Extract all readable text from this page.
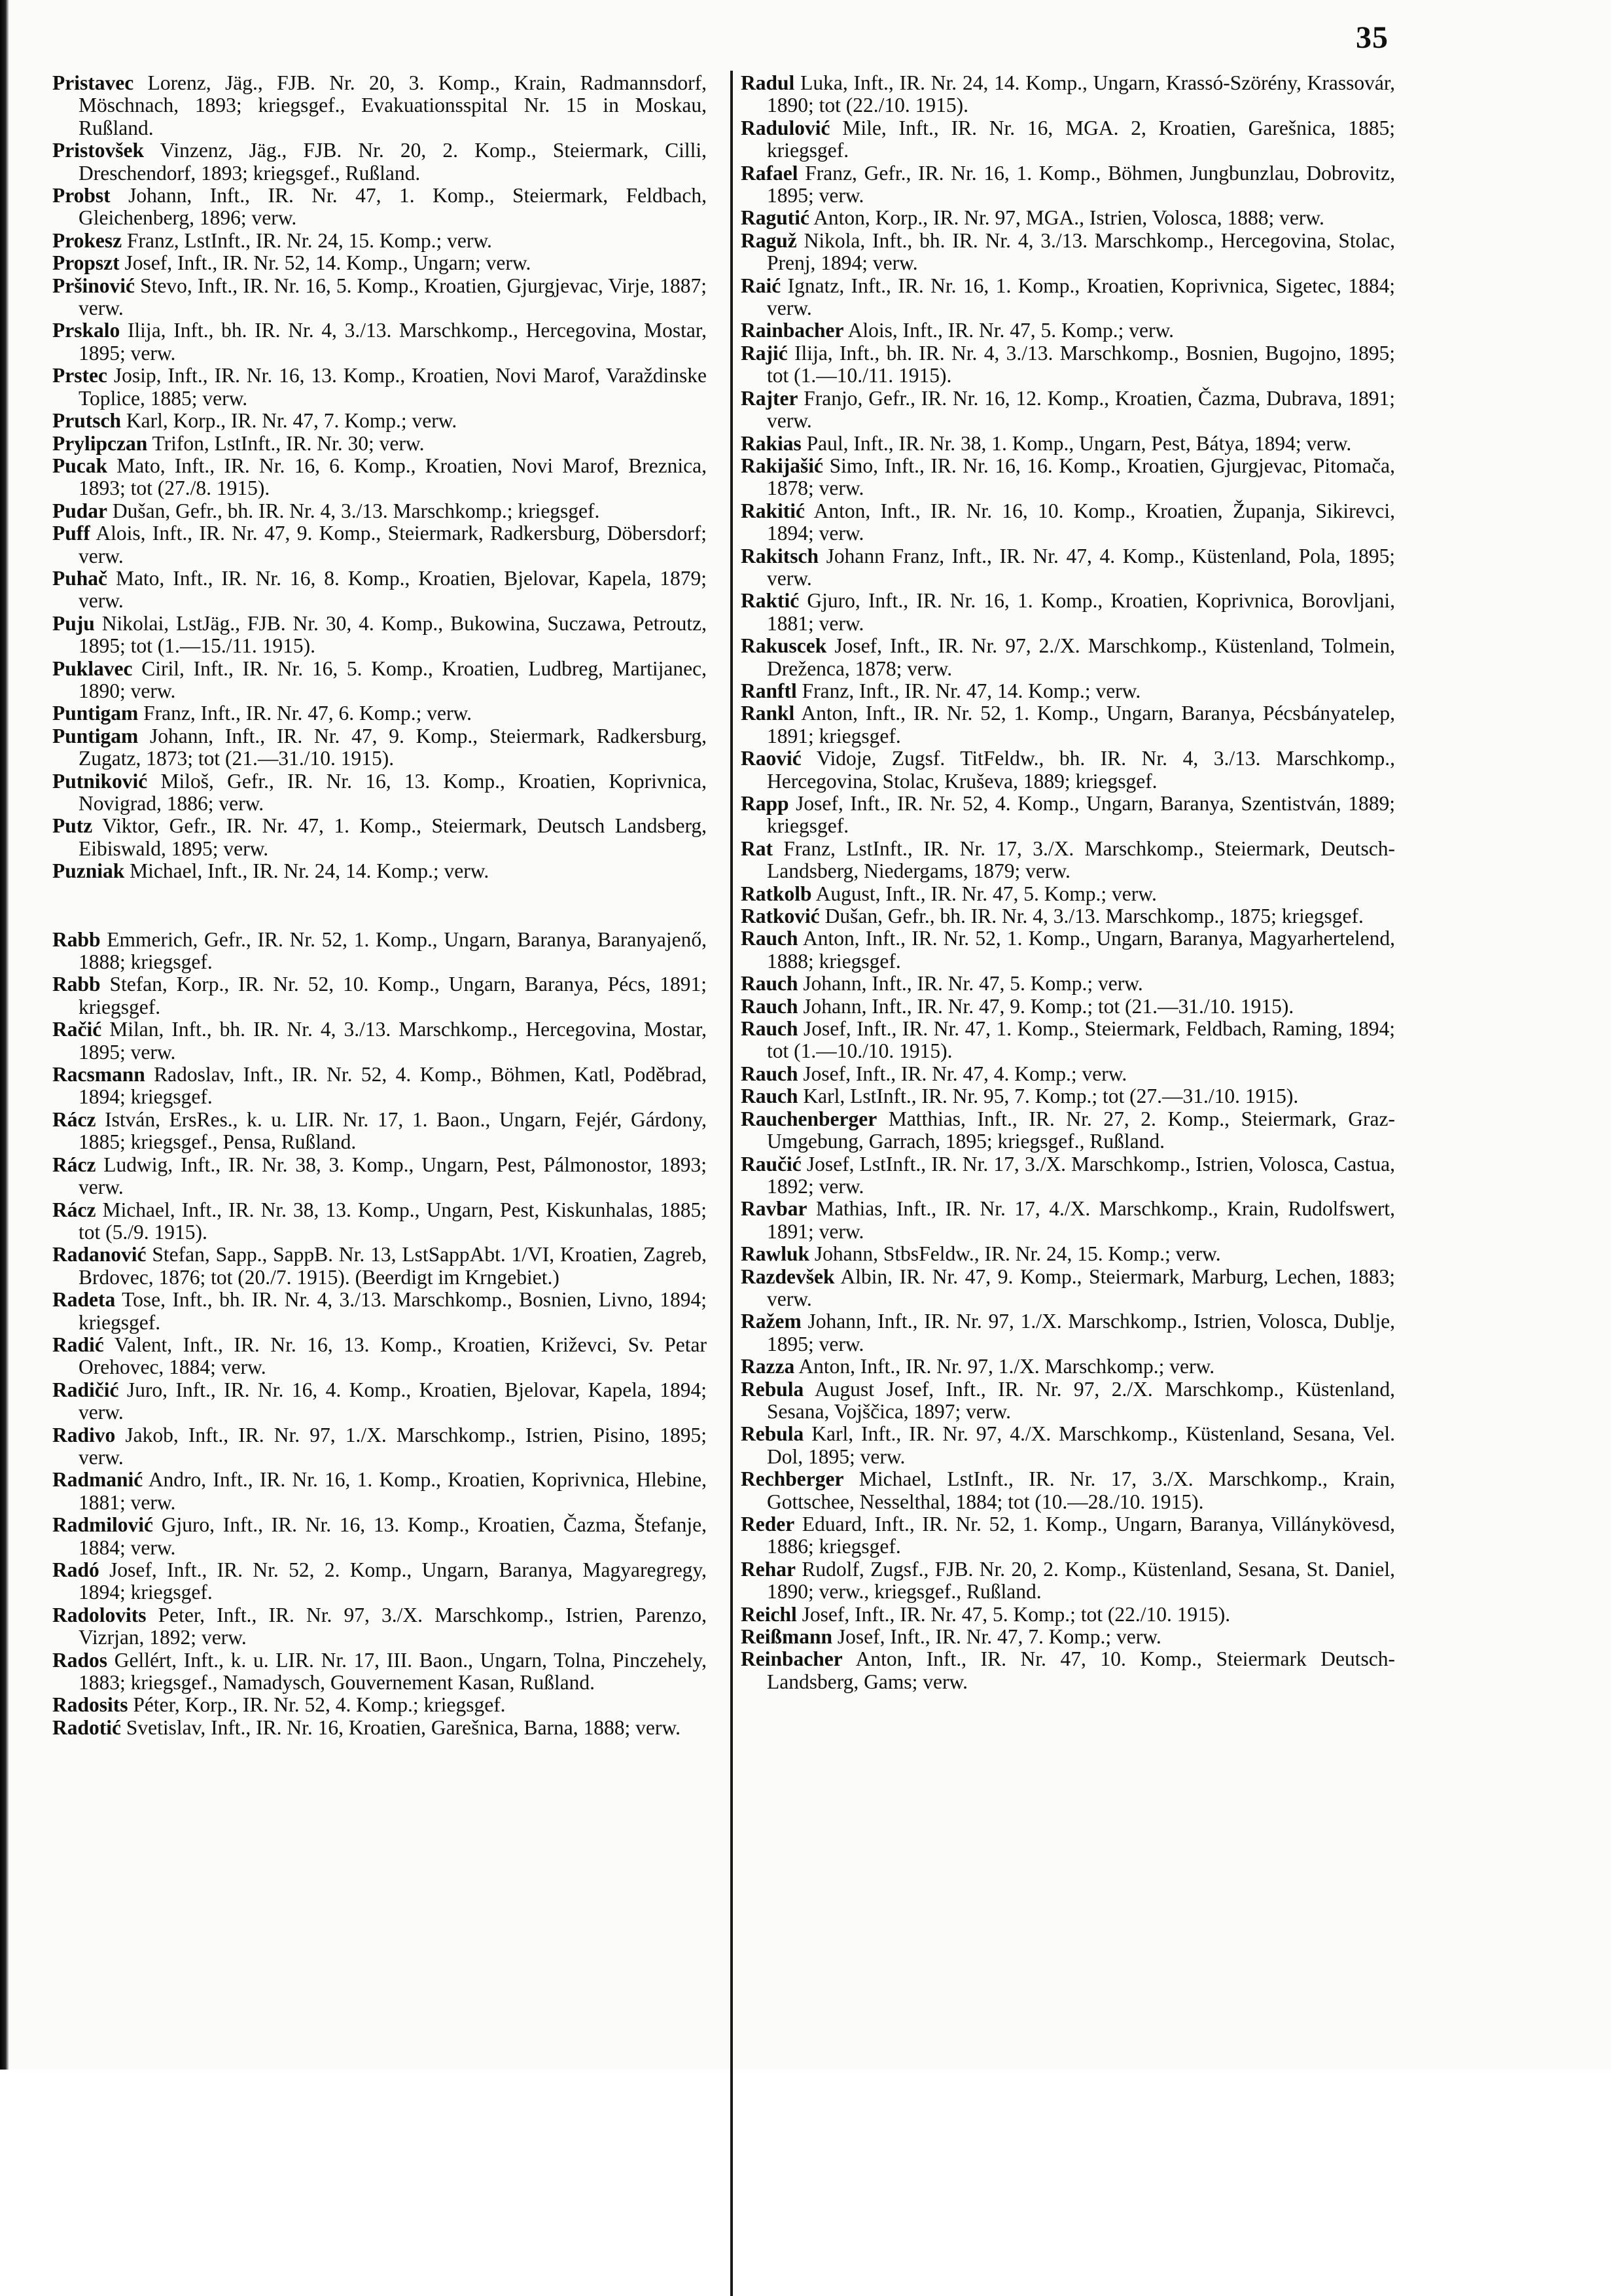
35

Pristavec Lorenz, Jäg., FJB. Nr. 20, 3. Komp., Krain, Radmannsdorf, Möschnach, 1893; kriegsgef., Evakuationsspital Nr. 15 in Moskau, Rußland.

Pristovšek Vinzenz, Jäg., FJB. Nr. 20, 2. Komp., Steiermark, Cilli, Dreschendorf, 1893; kriegsgef., Rußland.

Probst Johann, Inft., IR. Nr. 47, 1. Komp., Steiermark, Feldbach, Gleichenberg, 1896; verw.

Prokesz Franz, LstInft., IR. Nr. 24, 15. Komp.; verw.

Propszt Josef, Inft., IR. Nr. 52, 14. Komp., Ungarn; verw.

Pršinović Stevo, Inft., IR. Nr. 16, 5. Komp., Kroatien, Gjurgjevac, Virje, 1887; verw.

Prskalo Ilija, Inft., bh. IR. Nr. 4, 3./13. Marschkomp., Hercegovina, Mostar, 1895; verw.

Prstec Josip, Inft., IR. Nr. 16, 13. Komp., Kroatien, Novi Marof, Varaždinske Toplice, 1885; verw.

Prutsch Karl, Korp., IR. Nr. 47, 7. Komp.; verw.

Prylipczan Trifon, LstInft., IR. Nr. 30; verw.

Pucak Mato, Inft., IR. Nr. 16, 6. Komp., Kroatien, Novi Marof, Breznica, 1893; tot (27./8. 1915).

Pudar Dušan, Gefr., bh. IR. Nr. 4, 3./13. Marschkomp.; kriegsgef.

Puff Alois, Inft., IR. Nr. 47, 9. Komp., Steiermark, Radkersburg, Döbersdorf; verw.

Puhač Mato, Inft., IR. Nr. 16, 8. Komp., Kroatien, Bjelovar, Kapela, 1879; verw.

Puju Nikolai, LstJäg., FJB. Nr. 30, 4. Komp., Bukowina, Suczawa, Petroutz, 1895; tot (1.—15./11. 1915).

Puklavec Ciril, Inft., IR. Nr. 16, 5. Komp., Kroatien, Ludbreg, Martijanec, 1890; verw.

Puntigam Franz, Inft., IR. Nr. 47, 6. Komp.; verw.

Puntigam Johann, Inft., IR. Nr. 47, 9. Komp., Steiermark, Radkersburg, Zugatz, 1873; tot (21.—31./10. 1915).

Putniković Miloš, Gefr., IR. Nr. 16, 13. Komp., Kroatien, Koprivnica, Novigrad, 1886; verw.

Putz Viktor, Gefr., IR. Nr. 47, 1. Komp., Steiermark, Deutsch Landsberg, Eibiswald, 1895; verw.

Puzniak Michael, Inft., IR. Nr. 24, 14. Komp.; verw.

Rabb Emmerich, Gefr., IR. Nr. 52, 1. Komp., Ungarn, Baranya, Baranyajenő, 1888; kriegsgef.

Rabb Stefan, Korp., IR. Nr. 52, 10. Komp., Ungarn, Baranya, Pécs, 1891; kriegsgef.

Račić Milan, Inft., bh. IR. Nr. 4, 3./13. Marschkomp., Hercegovina, Mostar, 1895; verw.

Racsmann Radoslav, Inft., IR. Nr. 52, 4. Komp., Böhmen, Katl, Poděbrad, 1894; kriegsgef.

Rácz István, ErsRes., k. u. LIR. Nr. 17, 1. Baon., Ungarn, Fejér, Gárdony, 1885; kriegsgef., Pensa, Rußland.

Rácz Ludwig, Inft., IR. Nr. 38, 3. Komp., Ungarn, Pest, Pálmonostor, 1893; verw.

Rácz Michael, Inft., IR. Nr. 38, 13. Komp., Ungarn, Pest, Kiskunhalas, 1885; tot (5./9. 1915).

Radanović Stefan, Sapp., SappB. Nr. 13, LstSappAbt. 1/VI, Kroatien, Zagreb, Brdovec, 1876; tot (20./7. 1915). (Beerdigt im Krngebiet.)

Radeta Tose, Inft., bh. IR. Nr. 4, 3./13. Marschkomp., Bosnien, Livno, 1894; kriegsgef.

Radić Valent, Inft., IR. Nr. 16, 13. Komp., Kroatien, Križevci, Sv. Petar Orehovec, 1884; verw.

Radičić Juro, Inft., IR. Nr. 16, 4. Komp., Kroatien, Bjelovar, Kapela, 1894; verw.

Radivo Jakob, Inft., IR. Nr. 97, 1./X. Marschkomp., Istrien, Pisino, 1895; verw.

Radmanić Andro, Inft., IR. Nr. 16, 1. Komp., Kroatien, Koprivnica, Hlebine, 1881; verw.

Radmilović Gjuro, Inft., IR. Nr. 16, 13. Komp., Kroatien, Čazma, Štefanje, 1884; verw.

Radó Josef, Inft., IR. Nr. 52, 2. Komp., Ungarn, Baranya, Magyaregregy, 1894; kriegsgef.

Radolovits Peter, Inft., IR. Nr. 97, 3./X. Marschkomp., Istrien, Parenzo, Vizrjan, 1892; verw.

Rados Gellért, Inft., k. u. LIR. Nr. 17, III. Baon., Ungarn, Tolna, Pinczehely, 1883; kriegsgef., Namadysch, Gouvernement Kasan, Rußland.

Radosits Péter, Korp., IR. Nr. 52, 4. Komp.; kriegsgef.

Radotić Svetislav, Inft., IR. Nr. 16, Kroatien, Garešnica, Barna, 1888; verw.

Radul Luka, Inft., IR. Nr. 24, 14. Komp., Ungarn, Krassó-Szörény, Krassovár, 1890; tot (22./10. 1915).

Radulović Mile, Inft., IR. Nr. 16, MGA. 2, Kroatien, Garešnica, 1885; kriegsgef.

Rafael Franz, Gefr., IR. Nr. 16, 1. Komp., Böhmen, Jungbunzlau, Dobrovitz, 1895; verw.

Ragutić Anton, Korp., IR. Nr. 97, MGA., Istrien, Volosca, 1888; verw.

Raguž Nikola, Inft., bh. IR. Nr. 4, 3./13. Marschkomp., Hercegovina, Stolac, Prenj, 1894; verw.

Raić Ignatz, Inft., IR. Nr. 16, 1. Komp., Kroatien, Koprivnica, Sigetec, 1884; verw.

Rainbacher Alois, Inft., IR. Nr. 47, 5. Komp.; verw.

Rajić Ilija, Inft., bh. IR. Nr. 4, 3./13. Marschkomp., Bosnien, Bugojno, 1895; tot (1.—10./11. 1915).

Rajter Franjo, Gefr., IR. Nr. 16, 12. Komp., Kroatien, Čazma, Dubrava, 1891; verw.

Rakias Paul, Inft., IR. Nr. 38, 1. Komp., Ungarn, Pest, Bátya, 1894; verw.

Rakijašić Simo, Inft., IR. Nr. 16, 16. Komp., Kroatien, Gjurgjevac, Pitomača, 1878; verw.

Rakitić Anton, Inft., IR. Nr. 16, 10. Komp., Kroatien, Županja, Sikirevci, 1894; verw.

Rakitsch Johann Franz, Inft., IR. Nr. 47, 4. Komp., Küstenland, Pola, 1895; verw.

Raktić Gjuro, Inft., IR. Nr. 16, 1. Komp., Kroatien, Koprivnica, Borovljani, 1881; verw.

Rakuscek Josef, Inft., IR. Nr. 97, 2./X. Marschkomp., Küstenland, Tolmein, Dreženca, 1878; verw.

Ranftl Franz, Inft., IR. Nr. 47, 14. Komp.; verw.

Rankl Anton, Inft., IR. Nr. 52, 1. Komp., Ungarn, Baranya, Pécsbányatelep, 1891; kriegsgef.

Raović Vidoje, Zugsf. TitFeldw., bh. IR. Nr. 4, 3./13. Marschkomp., Hercegovina, Stolac, Kruševa, 1889; kriegsgef.

Rapp Josef, Inft., IR. Nr. 52, 4. Komp., Ungarn, Baranya, Szentistván, 1889; kriegsgef.

Rat Franz, LstInft., IR. Nr. 17, 3./X. Marschkomp., Steiermark, Deutsch-Landsberg, Niedergams, 1879; verw.

Ratkolb August, Inft., IR. Nr. 47, 5. Komp.; verw.

Ratković Dušan, Gefr., bh. IR. Nr. 4, 3./13. Marschkomp., 1875; kriegsgef.

Rauch Anton, Inft., IR. Nr. 52, 1. Komp., Ungarn, Baranya, Magyarhertelend, 1888; kriegsgef.

Rauch Johann, Inft., IR. Nr. 47, 5. Komp.; verw.

Rauch Johann, Inft., IR. Nr. 47, 9. Komp.; tot (21.—31./10. 1915).

Rauch Josef, Inft., IR. Nr. 47, 1. Komp., Steiermark, Feldbach, Raming, 1894; tot (1.—10./10. 1915).

Rauch Josef, Inft., IR. Nr. 47, 4. Komp.; verw.

Rauch Karl, LstInft., IR. Nr. 95, 7. Komp.; tot (27.—31./10. 1915).

Rauchenberger Matthias, Inft., IR. Nr. 27, 2. Komp., Steiermark, Graz-Umgebung, Garrach, 1895; kriegsgef., Rußland.

Raučić Josef, LstInft., IR. Nr. 17, 3./X. Marschkomp., Istrien, Volosca, Castua, 1892; verw.

Ravbar Mathias, Inft., IR. Nr. 17, 4./X. Marschkomp., Krain, Rudolfswert, 1891; verw.

Rawluk Johann, StbsFeldw., IR. Nr. 24, 15. Komp.; verw.

Razdevšek Albin, IR. Nr. 47, 9. Komp., Steiermark, Marburg, Lechen, 1883; verw.

Ražem Johann, Inft., IR. Nr. 97, 1./X. Marschkomp., Istrien, Volosca, Dublje, 1895; verw.

Razza Anton, Inft., IR. Nr. 97, 1./X. Marschkomp.; verw.

Rebula August Josef, Inft., IR. Nr. 97, 2./X. Marschkomp., Küstenland, Sesana, Vojščica, 1897; verw.

Rebula Karl, Inft., IR. Nr. 97, 4./X. Marschkomp., Küstenland, Sesana, Vel. Dol, 1895; verw.

Rechberger Michael, LstInft., IR. Nr. 17, 3./X. Marschkomp., Krain, Gottschee, Nesselthal, 1884; tot (10.—28./10. 1915).

Reder Eduard, Inft., IR. Nr. 52, 1. Komp., Ungarn, Baranya, Villánykövesd, 1886; kriegsgef.

Rehar Rudolf, Zugsf., FJB. Nr. 20, 2. Komp., Küstenland, Sesana, St. Daniel, 1890; verw., kriegsgef., Rußland.

Reichl Josef, Inft., IR. Nr. 47, 5. Komp.; tot (22./10. 1915).

Reißmann Josef, Inft., IR. Nr. 47, 7. Komp.; verw.

Reinbacher Anton, Inft., IR. Nr. 47, 10. Komp., Steiermark Deutsch-Landsberg, Gams; verw.
